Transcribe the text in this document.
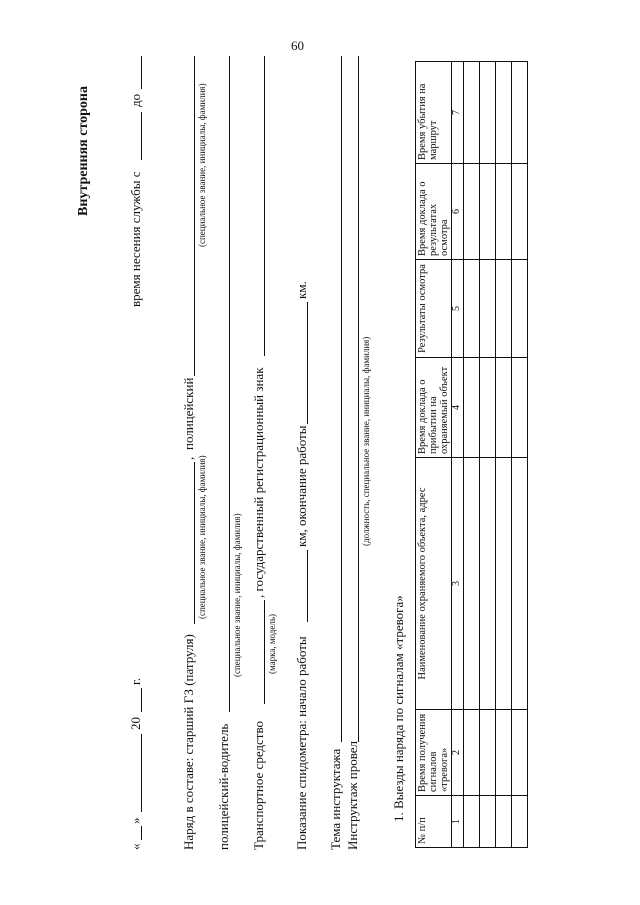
60
Внутренняя сторона
«
»
20
г.
время несения службы с
до
Наряд в составе: старший ГЗ (патруля)
,
полицейский
(специальное звание, инициалы, фамилия)
(специальное звание, инициалы, фамилия)
полицейский-водитель
(специальное звание, инициалы, фамилия)
Транспортное средство
, государственный регистрационный знак
(марка, модель) Показание спидометра: начало работы
км, окончание работы
км.
Тема инструктажа Инструктаж провел
(должность, специальное звание, инициалы, фамилия)
1. Выезды наряда по сигналам «тревога»
№ п/п	Время получения сигналов «тревога»	Наименование охраняемого объекта, адрес	Время доклада о прибытии на охраняемый объект	Результаты осмотра	Время доклада о результатах осмотра	Время убытия на маршрут
1	2	3	4	5	6	7
